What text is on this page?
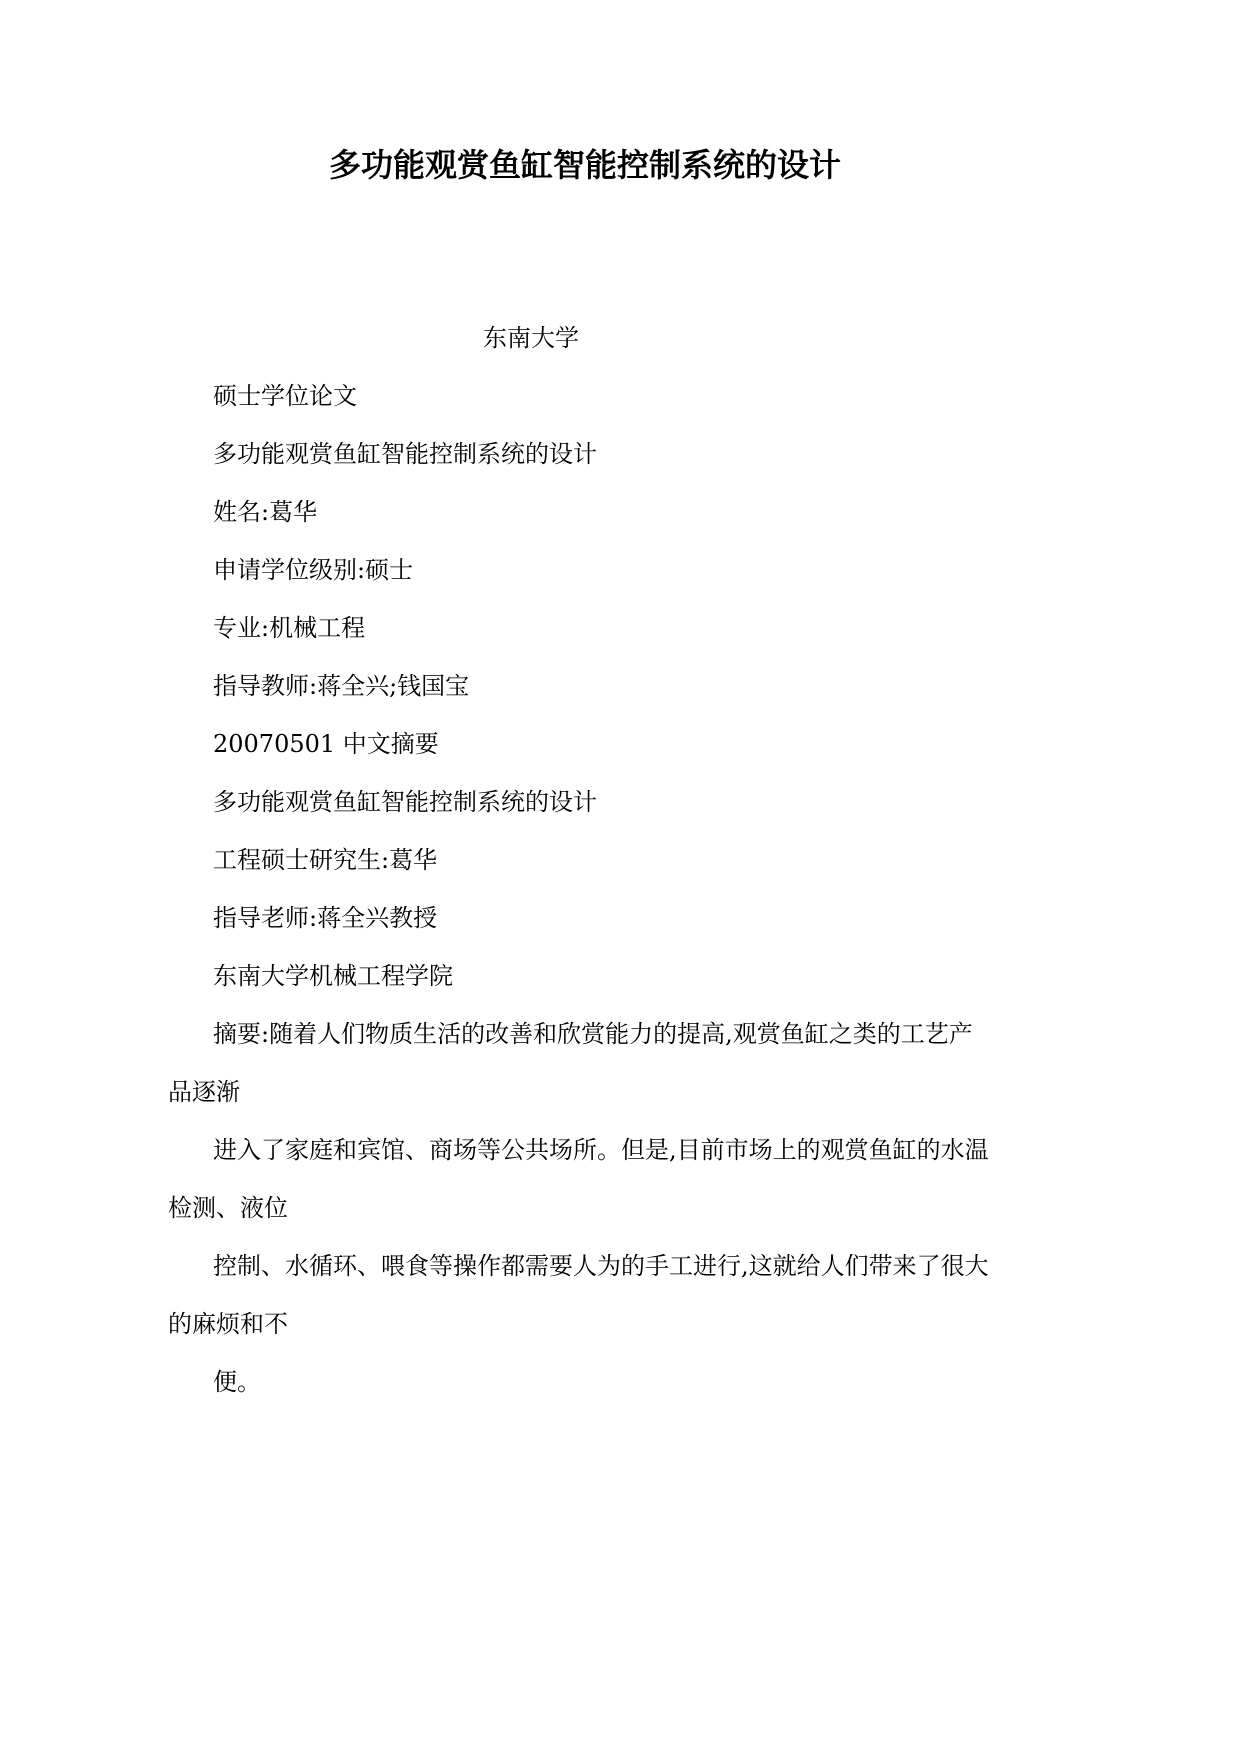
多功能观赏鱼缸智能控制系统的设计
东南大学
硕士学位论文
多功能观赏鱼缸智能控制系统的设计
姓名:葛华
申请学位级别:硕士
专业:机械工程
指导教师:蒋全兴;钱国宝
20070501 中文摘要
多功能观赏鱼缸智能控制系统的设计
工程硕士研究生:葛华
指导老师:蒋全兴教授
东南大学机械工程学院
摘要:随着人们物质生活的改善和欣赏能力的提高,观赏鱼缸之类的工艺产
品逐渐
进入了家庭和宾馆、商场等公共场所。但是,目前市场上的观赏鱼缸的水温
检测、液位
控制、水循环、喂食等操作都需要人为的手工进行,这就给人们带来了很大
的麻烦和不
便。
